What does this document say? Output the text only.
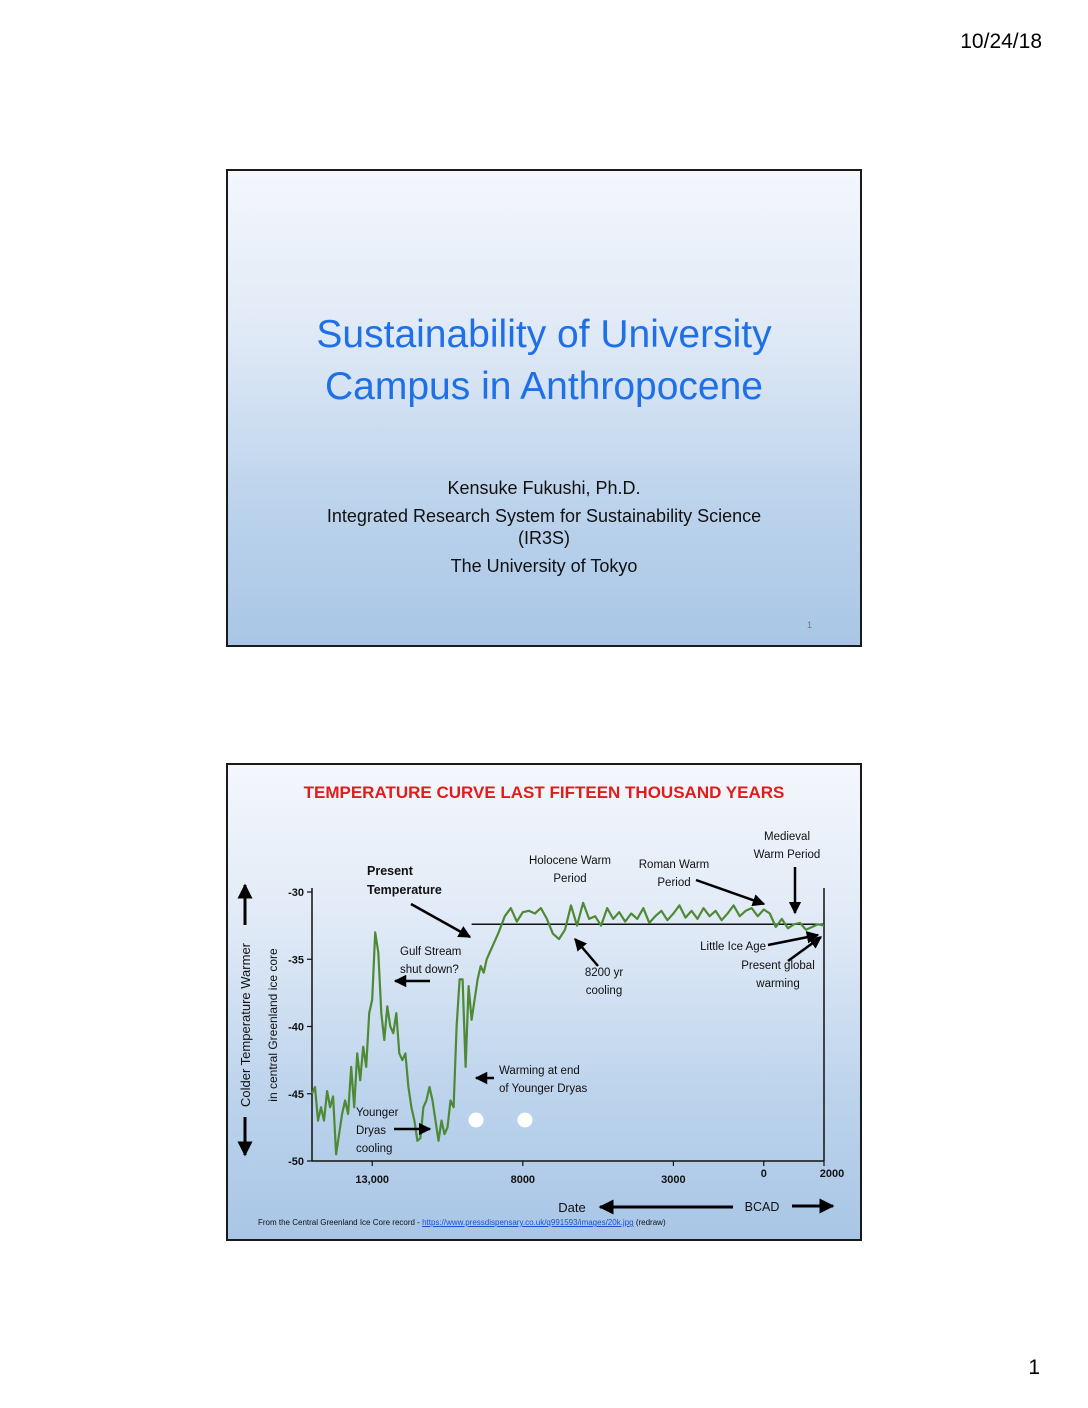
10/24/18
Sustainability of University
Campus in Anthropocene
Kensuke Fukushi, Ph.D.
Integrated Research System for Sustainability Science
(IR3S)
The University of Tokyo
1
TEMPERATURE CURVE LAST FIFTEEN THOUSAND YEARS
-30
-35
-40
-45
-50
13,000	8000	3000	0	2000
Colder Temperature Warmer in central Greenland ice core
Present
Temperature
Holocene Warm
Period
Roman Warm
Period
Medieval
Warm Period
Gulf Stream
shut down?	8200 yr
cooling
Little Ice Age
Present global
warming
Warming at end
of Younger Dryas
Younger
Dryas
cooling
Date	BCAD
From the Central Greenland Ice Core record - https://www.pressdispensary.co.uk/q991593/images/20k.jpg (redraw)
1
